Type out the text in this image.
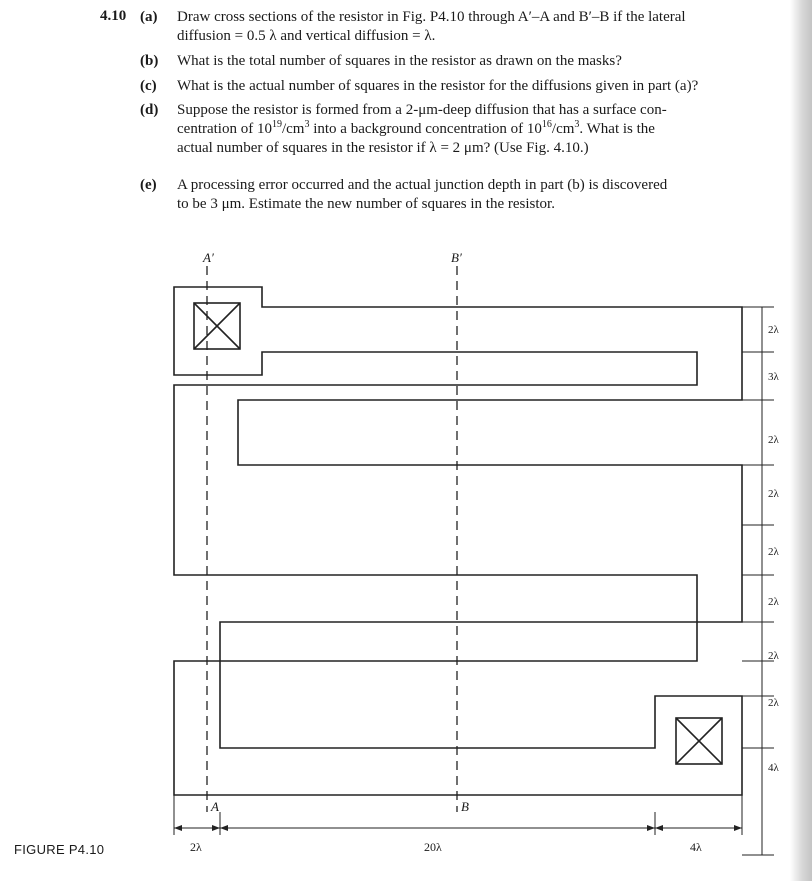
4.10 (a) Draw cross sections of the resistor in Fig. P4.10 through A′–A and B′–B if the lateral
diffusion = 0.5 λ and vertical diffusion = λ.
(b) What is the total number of squares in the resistor as drawn on the masks?
(c) What is the actual number of squares in the resistor for the diffusions given in part (a)?
(d) Suppose the resistor is formed from a 2-μm-deep diffusion that has a surface con-
centration of $10^{19}/cm^3$ into a background concentration of $10^{16}/cm^3$. What is the
actual number of squares in the resistor if λ = 2 μm? (Use Fig. 4.10.)
(e) A processing error occurred and the actual junction depth in part (b) is discovered
to be 3 μm. Estimate the new number of squares in the resistor.
A′	B′
A	B
2λ
3λ
2λ
2λ
2λ
2λ
2λ
2λ
4λ
2λ	20λ	4λ
FIGURE P4.10
